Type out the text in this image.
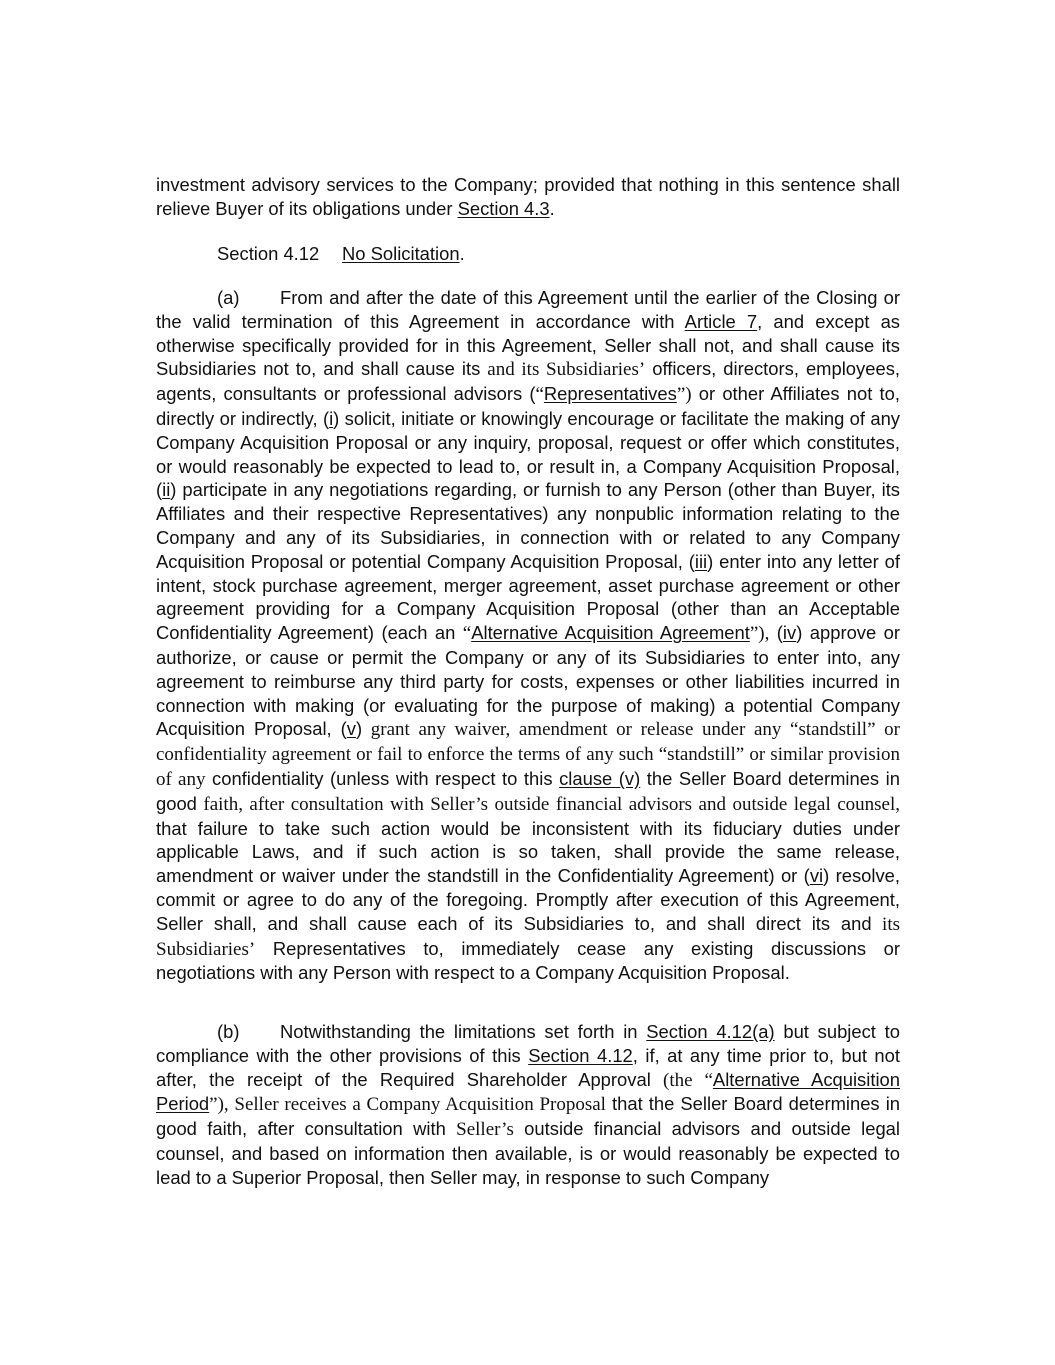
investment advisory services to the Company; provided that nothing in this sentence shall relieve Buyer of its obligations under Section 4.3.
Section 4.12 No Solicitation.
(a) From and after the date of this Agreement until the earlier of the Closing or the valid termination of this Agreement in accordance with Article 7, and except as otherwise specifically provided for in this Agreement, Seller shall not, and shall cause its Subsidiaries not to, and shall cause its and its Subsidiaries’ officers, directors, employees, agents, consultants or professional advisors (“Representatives”) or other Affiliates not to, directly or indirectly, (i) solicit, initiate or knowingly encourage or facilitate the making of any Company Acquisition Proposal or any inquiry, proposal, request or offer which constitutes, or would reasonably be expected to lead to, or result in, a Company Acquisition Proposal, (ii) participate in any negotiations regarding, or furnish to any Person (other than Buyer, its Affiliates and their respective Representatives) any nonpublic information relating to the Company and any of its Subsidiaries, in connection with or related to any Company Acquisition Proposal or potential Company Acquisition Proposal, (iii) enter into any letter of intent, stock purchase agreement, merger agreement, asset purchase agreement or other agreement providing for a Company Acquisition Proposal (other than an Acceptable Confidentiality Agreement) (each an “Alternative Acquisition Agreement”), (iv) approve or authorize, or cause or permit the Company or any of its Subsidiaries to enter into, any agreement to reimburse any third party for costs, expenses or other liabilities incurred in connection with making (or evaluating for the purpose of making) a potential Company Acquisition Proposal, (v) grant any waiver, amendment or release under any “standstill” or confidentiality agreement or fail to enforce the terms of any such “standstill” or similar provision of any confidentiality (unless with respect to this clause (v) the Seller Board determines in good faith, after consultation with Seller’s outside financial advisors and outside legal counsel, that failure to take such action would be inconsistent with its fiduciary duties under applicable Laws, and if such action is so taken, shall provide the same release, amendment or waiver under the standstill in the Confidentiality Agreement) or (vi) resolve, commit or agree to do any of the foregoing. Promptly after execution of this Agreement, Seller shall, and shall cause each of its Subsidiaries to, and shall direct its and its Subsidiaries’ Representatives to, immediately cease any existing discussions or negotiations with any Person with respect to a Company Acquisition Proposal.
(b) Notwithstanding the limitations set forth in Section 4.12(a) but subject to compliance with the other provisions of this Section 4.12, if, at any time prior to, but not after, the receipt of the Required Shareholder Approval (the “Alternative Acquisition Period”), Seller receives a Company Acquisition Proposal that the Seller Board determines in good faith, after consultation with Seller’s outside financial advisors and outside legal counsel, and based on information then available, is or would reasonably be expected to lead to a Superior Proposal, then Seller may, in response to such Company
